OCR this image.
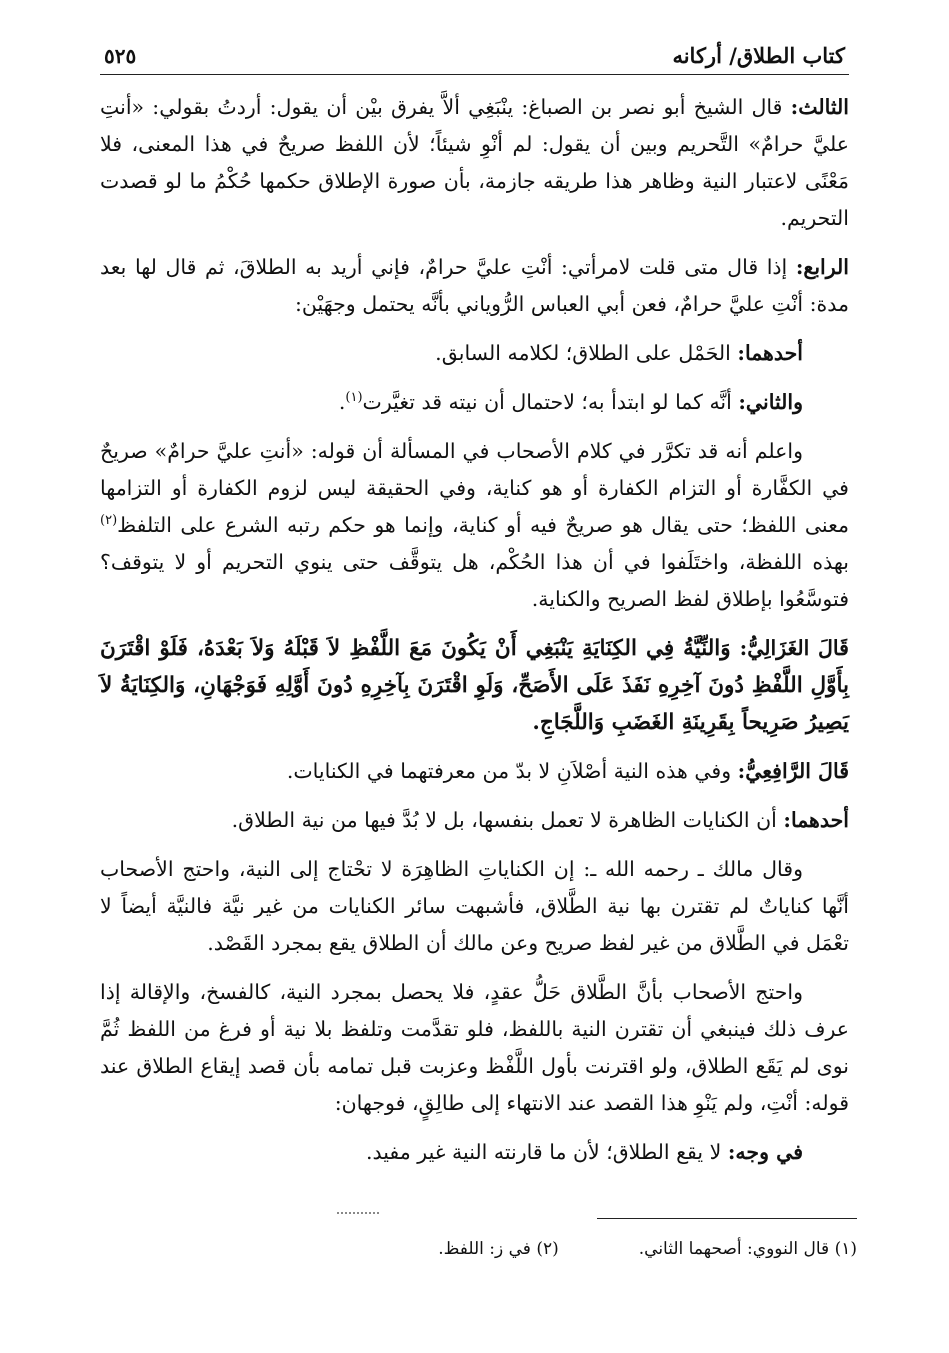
كتاب الطلاق/ أركانه
٥٢٥

الثالث: قال الشيخ أبو نصر بن الصباغ: ينْبَغِي ألاَّ يفرق بيْن أن يقول: أردتُ بقولي: «أنتِ عليَّ حرامٌ» التَّحريم وبين أن يقول: لم أنْوِ شيئاً؛ لأن اللفظ صريحٌ في هذا المعنى، فلا مَعْنًى لاعتبار النية وظاهر هذا طريقه جازمة، بأن صورة الإطلاق حكمها حُكْمُ ما لو قصدت التحريم.

الرابع: إذا قال متى قلت لامرأتي: أنْتِ عليَّ حرامٌ، فإني أريد به الطلاقَ، ثم قال لها بعد مدة: أنْتِ عليَّ حرامٌ، فعن أبي العباس الرُّوياني بأنَّه يحتمل وجهَيْن:

أحدهما: الحَمْل على الطلاق؛ لكلامه السابق.

والثاني: أنَّه كما لو ابتدأ به؛ لاحتمال أن نيته قد تغيَّرت$^{(١)}$.

واعلم أنه قد تكرَّر في كلام الأصحاب في المسألة أن قوله: «أنتِ عليَّ حرامٌ» صريحٌ في الكفَّارة أو التزام الكفارة أو هو كناية، وفي الحقيقة ليس لزوم الكفارة أو التزامها معنى اللفظ؛ حتى يقال هو صريحٌ فيه أو كناية، وإنما هو حكم رتبه الشرع على التلفظ$^{(٢)}$ بهذه اللفظة، واختَلَفوا في أن هذا الحُكْم، هل يتوقَّف حتى ينوي التحريم أو لا يتوقف؟ فتوسَّعُوا بإطلاق لفظ الصريح والكناية.

قَالَ الغَزَالِيُّ: وَالنِّيَّةُ فِي الكِنَايَةِ يَنْبَغِي أَنْ يَكُونَ مَعَ اللَّفْظِ لاَ قَبْلَهُ وَلاَ بَعْدَهُ، فَلَوْ اقْتَرَنَ بِأَوَّلِ اللَّفْظِ دُونَ آخِرِهِ نَفَذَ عَلَى الأَصَحِّ، وَلَوِ اقْتَرَنَ بِآخِرِهِ دُونَ أَوَّلِهِ فَوَجْهَانِ، وَالكِنَايَةُ لاَ يَصِيرُ صَرِيحاً بِقَرِينَةِ الغَضَبِ وَاللَّجَاجِ.

قَالَ الرَّافِعِيُّ: وفي هذه النية أصْلاَنِ لا بدّ من معرفتهما في الكنايات.

أحدهما: أن الكنايات الظاهرة لا تعمل بنفسها، بل لا بُدَّ فيها من نية الطلاق.

وقال مالك ـ رحمه الله ـ: إن الكناياتِ الظاهِرَة لا تحْتاج إلى النية، واحتج الأصحاب أنَّها كناياتٌ لم تقترن بها نية الطَّلاق، فأشبهت سائر الكنايات من غير نيَّة فالنيَّة أيضاً لا تعْمَل في الطَّلاق من غير لفظ صريح وعن مالك أن الطلاق يقع بمجرد القَصْد.

واحتج الأصحاب بأنَّ الطَّلاق حَلُّ عقدٍ، فلا يحصل بمجرد النية، كالفسخ، والإقالة إذا عرف ذلك فينبغي أن تقترن النية باللفظ، فلو تقدَّمت وتلفظ بلا نية أو فرغ من اللفظ ثُمَّ نوى لم يَقَع الطلاق، ولو اقترنت بأول اللَّفْظ وعزبت قبل تمامه بأن قصد إيقاع الطلاق عند قوله: أنْتِ، ولم يَنْوِ هذا القصد عند الانتهاء إلى طالِقٍ، فوجهان:

في وجه: لا يقع الطلاق؛ لأن ما قارنته النية غير مفيد.

(١) قال النووي: أصحهما الثاني.
(٢) في ز: اللفظ.
